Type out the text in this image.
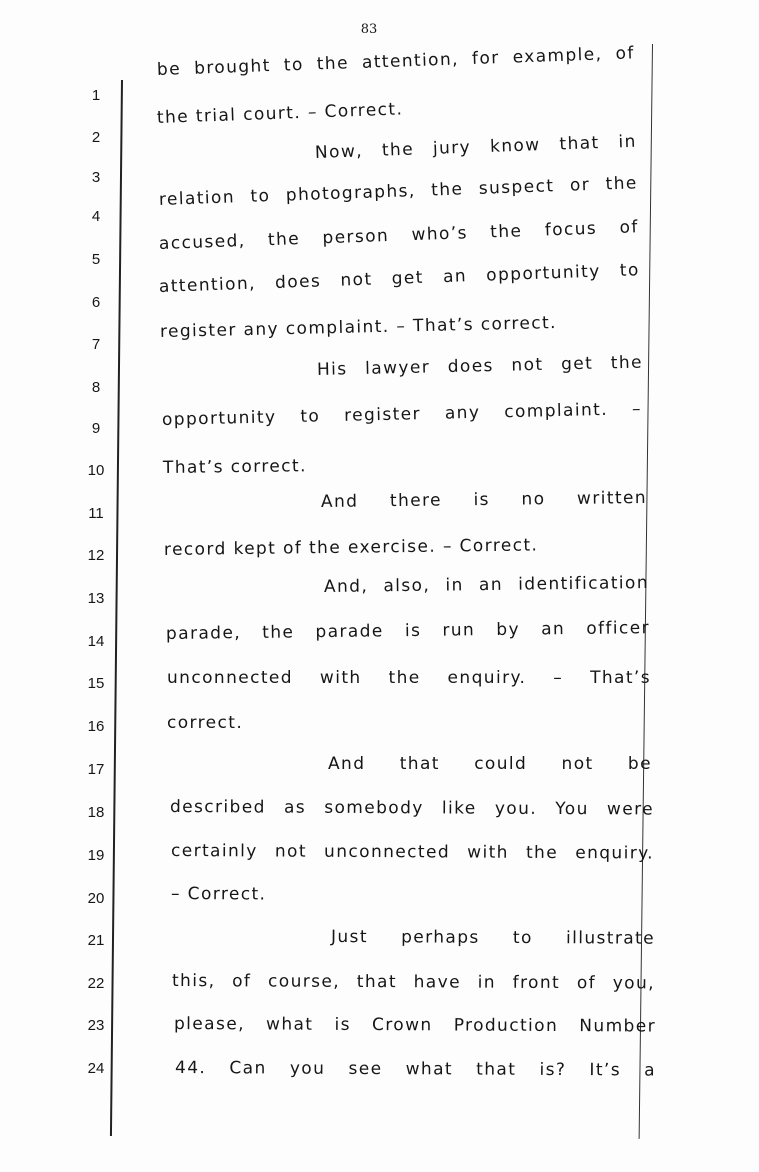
83
1
2
3
4
5
6
7
8
9
10
11
12
13
14
15
16
17
18
19
20
21
22
23
24
be brought to the attention, for example, of
the trial court. – Correct.
Now, the jury know that in
relation to photographs, the suspect or the
accused, the person who’s the focus of
attention, does not get an opportunity to
register any complaint. – That’s correct.
His lawyer does not get the
opportunity to register any complaint. –
That’s correct.
And there is no written
record kept of the exercise. – Correct.
And, also, in an identification
parade, the parade is run by an officer
unconnected with the enquiry. – That’s
correct.
And that could not be
described as somebody like you. You were
certainly not unconnected with the enquiry.
– Correct.
Just perhaps to illustrate
this, of course, that have in front of you,
please, what is Crown Production Number
44. Can you see what that is? It’s a
